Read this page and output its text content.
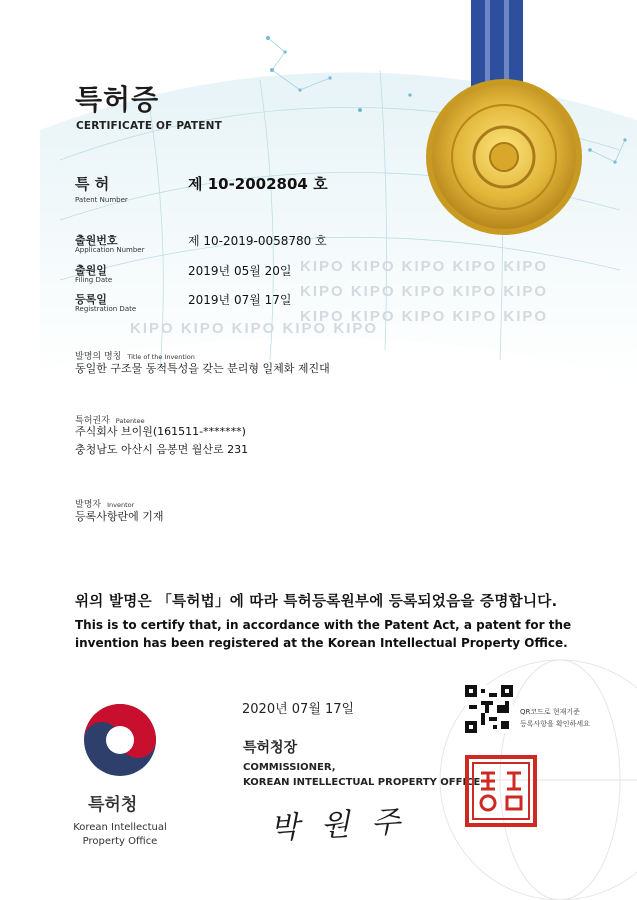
KIPO KIPO KIPO KIPO KIPO
KIPO KIPO KIPO KIPO KIPO
KIPO KIPO KIPO KIPO KIPO
KIPO KIPO KIPO KIPO KIPO
특허증
CERTIFICATE OF PATENT
특 허
Patent Number
제 10-2002804 호
출원번호
Application Number
제 10-2019-0058780 호
출원일
Filing Date
2019년 05월 20일
등록일
Registration Date
2019년 07월 17일
발명의 명칭 Title of the Invention
동일한 구조물 동적특성을 갖는 분리형 일체화 제진대
특허권자 Patentee
주식회사 브이원(161511-*******)
충청남도 아산시 음봉면 월산로 231
발명자 Inventor
등록사항란에 기재
위의 발명은 「특허법」에 따라 특허등록원부에 등록되었음을 증명합니다.
This is to certify that, in accordance with the Patent Act, a patent for the
invention has been registered at the Korean Intellectual Property Office.
특허청
Korean Intellectual
Property Office
2020년 07월 17일
특허청장
COMMISSIONER,
KOREAN INTELLECTUAL PROPERTY OFFICE
박 원 주
QR코드로 현재기준
등록사항을 확인하세요
